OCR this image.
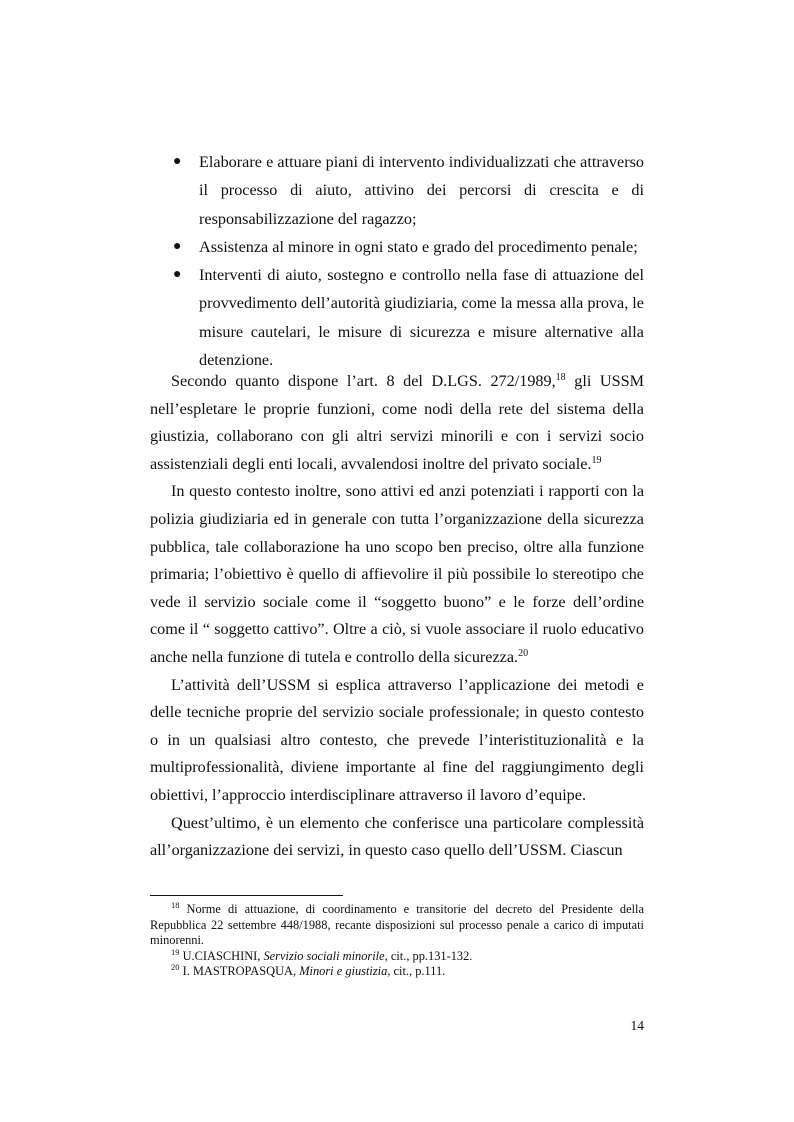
● Elaborare e attuare piani di intervento individualizzati che attraverso il processo di aiuto, attivino dei percorsi di crescita e di responsabilizzazione del ragazzo;
● Assistenza al minore in ogni stato e grado del procedimento penale;
● Interventi di aiuto, sostegno e controllo nella fase di attuazione del provvedimento dell’autorità giudiziaria, come la messa alla prova, le misure cautelari, le misure di sicurezza e misure alternative alla detenzione.

Secondo quanto dispone l’art. 8 del D.LGS. 272/1989,18 gli USSM nell’espletare le proprie funzioni, come nodi della rete del sistema della giustizia, collaborano con gli altri servizi minorili e con i servizi socio assistenziali degli enti locali, avvalendosi inoltre del privato sociale.$^{19}$

In questo contesto inoltre, sono attivi ed anzi potenziati i rapporti con la polizia giudiziaria ed in generale con tutta l’organizzazione della sicurezza pubblica, tale collaborazione ha uno scopo ben preciso, oltre alla funzione primaria; l’obiettivo è quello di affievolire il più possibile lo stereotipo che vede il servizio sociale come il “soggetto buono” e le forze dell’ordine come il “ soggetto cattivo”. Oltre a ciò, si vuole associare il ruolo educativo anche nella funzione di tutela e controllo della sicurezza.$^{20}$

L’attività dell’USSM si esplica attraverso l’applicazione dei metodi e delle tecniche proprie del servizio sociale professionale; in questo contesto o in un qualsiasi altro contesto, che prevede l’interistituzionalità e la multiprofessionalità, diviene importante al fine del raggiungimento degli obiettivi, l’approccio interdisciplinare attraverso il lavoro d’equipe.

Quest’ultimo, è un elemento che conferisce una particolare complessità all’organizzazione dei servizi, in questo caso quello dell’USSM. Ciascun

$^{18}$ Norme di attuazione, di coordinamento e transitorie del decreto del Presidente della Repubblica 22 settembre 448/1988, recante disposizioni sul processo penale a carico di imputati minorenni.

$^{19}$ U.CIASCHINI, Servizio sociali minorile, cit., pp.131-132.

$^{20}$ I. MASTROPASQUA, Minori e giustizia, cit., p.111.

14
